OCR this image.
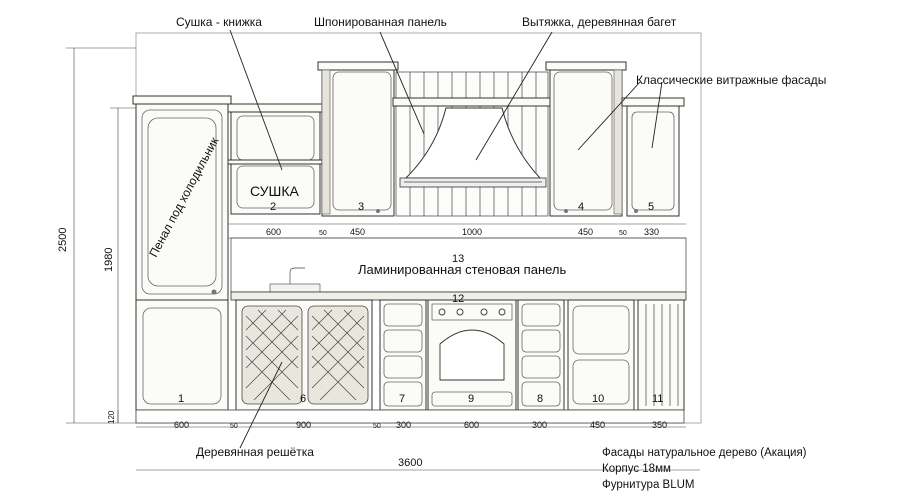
Сушка - книжка	Шпонированная панель	Вытяжка, деревянная багет
Классические витражные фасады
Пенал под холодильник
Деревянная решётка
СУШКА
Ламинированная стеновая панель
1
2	3	4	5
6	7	8
9	10	11
12
13
600	50	450	1000	450	50 330
600	50	900	50 300	600	300	450	350
3600
2500
1980
120
Фасады натуральное дерево (Акация)
Корпус 18мм
Фурнитура BLUM
